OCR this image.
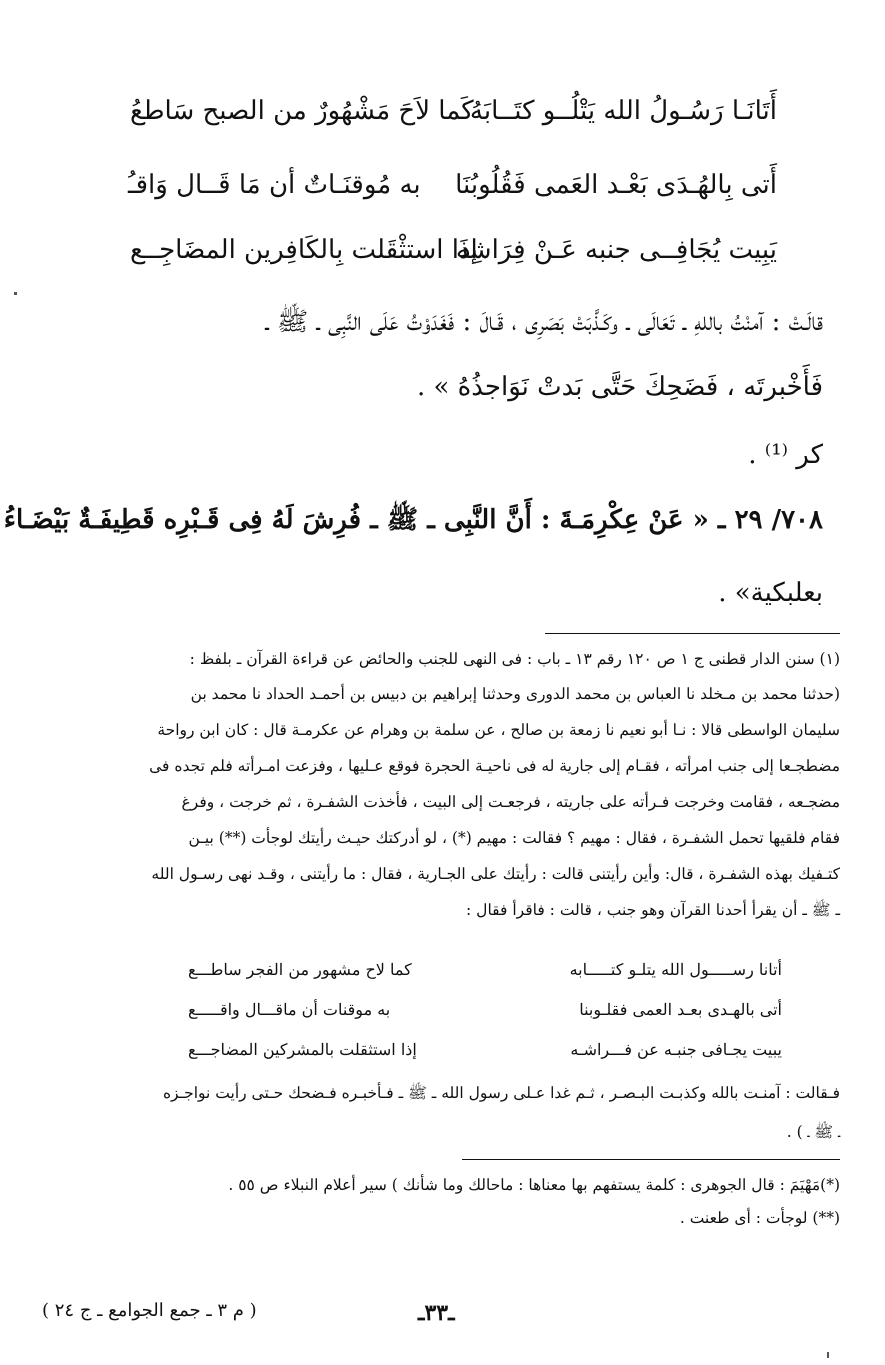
أَتَانَـا رَسُـولُ الله يَتْلُــو كتَــابَهُ
كَما لاَحَ مَشْهُورٌ من الصبح سَاطعُ
أَتى بِالهُـدَى بَعْـد العَمى فَقُلُوبُنَا
به مُوقنَـاتٌ أن مَا قَــال وَاقـُ
يَبِيت يُجَافِــى جنبه عَـنْ فِرَاشِه
إذَا استثْقَلت بِالكَافِرين المضَاجِــع
قالَـتْ : آمنْتُ باللهِ ـ تَعَالَى ـ وكَـذَّبَتْ بَصَرِى ، قَـالَ : فَغَدَوْتُ عَلَى النَّبِى ـ ﷺ ـ
فَأَخْبرتَه ، فَضَحِكَ حَتَّى بَدتْ نَوَاجذُهُ » .
كر ⁽¹⁾ .
٧٠٨/ ٢٩ ـ « عَنْ عِكْرِمَـةَ : أَنَّ النَّبِى ـ ﷺ ـ فُرِشَ لَهُ فِى قَـبْرِه قَطِيفَـةٌ بَيْضَـاءُ
بعلبكية» .
(١) سنن الدار قطنى ج ١ ص ١٢٠ رقم ١٣ ـ باب : فى النهى للجنب والحائض عن قراءة القرآن ـ بلفظ :
(حدثنا محمد بن مـخلد نا العباس بن محمد الدورى وحدثنا إبراهيم بن دبيس بن أحمـد الحداد نا محمد بن
سليمان الواسطى قالا : نـا أبو نعيم نا زمعة بن صالح ، عن سلمة بن وهرام عن عكرمـة قال : كان ابن رواحة
مضطجـعا إلى جنب امرأته ، فقـام إلى جارية له فى ناحيـة الحجرة فوقع عـليها ، وفزعت امـرأته فلم تجده فى
مضجـعه ، فقامت وخرجت فـرأته على جاريته ، فرجعـت إلى البيت ، فأخذت الشفـرة ، ثم خرجت ، وفرغ
فقام فلقيها تحمل الشفـرة ، فقال : مهيم ؟ فقالت : مهيم (*) ، لو أدركتك حيـث رأيتك لوجأت (**) بيـن
كتـفيك بهذه الشفـرة ، قال: وأين رأيتنى قالت : رأيتك على الجـارية ، فقال : ما رأيتنى ، وقـد نهى رسـول الله
ـ ﷺ ـ أن يقرأ أحدنا القرآن وهو جنب ، قالت : فاقرأ فقال :
أتانا رســـــول الله يتلـو كتـــــابه
كما لاح مشهور من الفجر ساطـــع
أتى بالهـدى بعـد العمى فقلـوبنا
به موقنات أن ماقـــال واقـــــع
يبيت يجـافى جنبـه عن فـــراشـه
إذا استثقلت بالمشركين المضاجـــع
فـقالت : آمنـت بالله وكذبـت البـصـر ، ثـم غدا عـلى رسول الله ـ ﷺ ـ فـأخبـره فـضحك حـتى رأيت نواجـزه
ـ ﷺ ـ ) .
(*)مَهْيَمَ : قال الجوهرى : كلمة يستفهم بها معناها : ماحالك وما شأنك ) سير أعلام النبلاء ص ٥٥ .
(**) لوجأت : أى طعنت .
ـ٣٣ـ
( م ٣ ـ جمع الجوامع ـ ج ٢٤ )
